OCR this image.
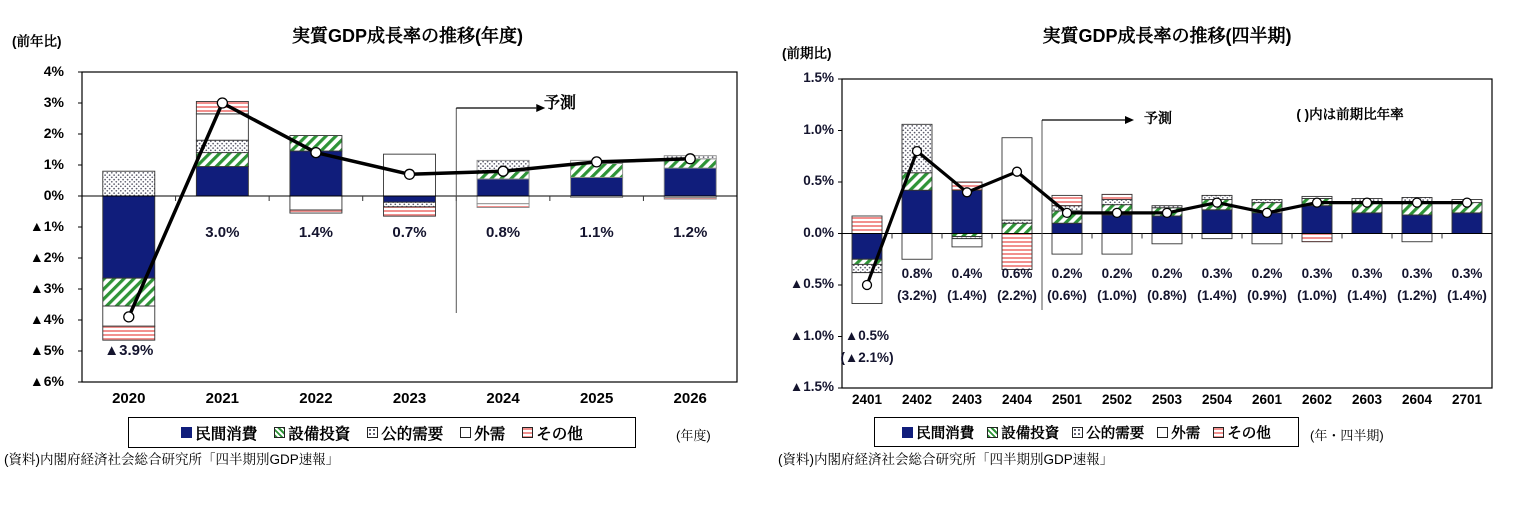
実質GDP成長率の推移(年度)
(前年比)
予測
(年度)
民間消費 設備投資 公的需要 外需 その他
(資料)内閣府経済社会総合研究所「四半期別GDP速報」
実質GDP成長率の推移(四半期)
(前期比)
予測	( )内は前期比年率
(年・四半期)
民間消費 設備投資 公的需要 外需 その他
(資料)内閣府経済社会総合研究所「四半期別GDP速報」
4%
3%
2%
1%
0%
▲1%
▲2%
▲3%
▲4%
▲5%
▲6%
2020
▲3.9%
2021
3.0%
2022
1.4%
2023
0.7%
2024
0.8%
2025
1.1%
2026
1.2%
1.5%
1.0%
0.5%
0.0%
▲0.5%
▲1.0%
▲1.5%
2401
▲0.5%
(▲2.1%)
2402
0.8%
(3.2%)
2403
0.4%
(1.4%)
2404
0.6%
(2.2%)
2501
0.2%
(0.6%)
2502
0.2%
(1.0%)
2503
0.2%
(0.8%)
2504
0.3%
(1.4%)
2601
0.2%
(0.9%)
2602
0.3%
(1.0%)
2603
0.3%
(1.4%)
2604
0.3%
(1.2%)
2701
0.3%
(1.4%)
